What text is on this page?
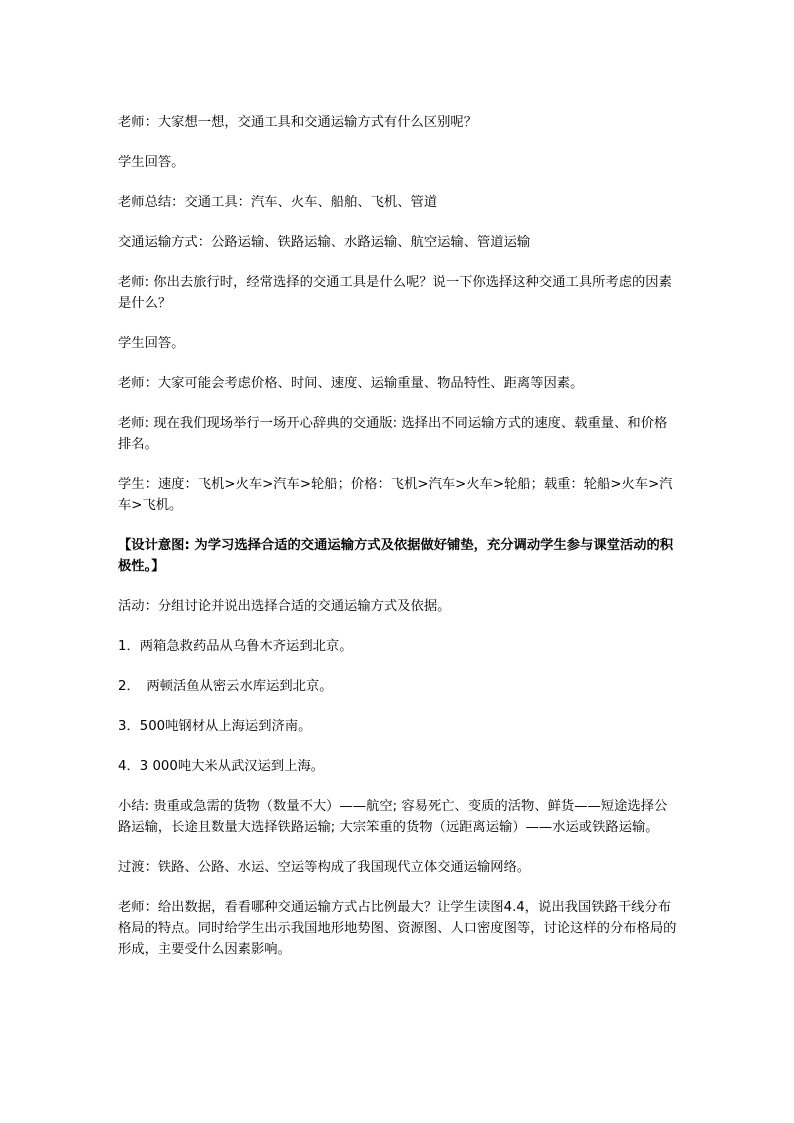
老师：大家想一想，交通工具和交通运输方式有什么区别呢？

学生回答。

老师总结：交通工具：汽车、火车、船舶、飞机、管道

交通运输方式：公路运输、铁路运输、水路运输、航空运输、管道运输

老师: 你出去旅行时，经常选择的交通工具是什么呢？说一下你选择这种交通工具所考虑的因素是什么？

学生回答。

老师：大家可能会考虑价格、时间、速度、运输重量、物品特性、距离等因素。

老师: 现在我们现场举行一场开心辞典的交通版: 选择出不同运输方式的速度、载重量、和价格排名。

学生：速度：飞机>火车>汽车>轮船；价格：飞机>汽车>火车>轮船；载重：轮船>火车>汽车>飞机。

【设计意图: 为学习选择合适的交通运输方式及依据做好铺垫，充分调动学生参与课堂活动的积极性。】

活动：分组讨论并说出选择合适的交通运输方式及依据。

1．两箱急救药品从乌鲁木齐运到北京。

2．　两顿活鱼从密云水库运到北京。

3．500吨钢材从上海运到济南。

4．3 000吨大米从武汉运到上海。

小结: 贵重或急需的货物（数量不大）——航空; 容易死亡、变质的活物、鲜货——短途选择公路运输，长途且数量大选择铁路运输; 大宗笨重的货物（远距离运输）——水运或铁路运输。

过渡：铁路、公路、水运、空运等构成了我国现代立体交通运输网络。

老师：给出数据，看看哪种交通运输方式占比例最大？让学生读图4.4，说出我国铁路干线分布格局的特点。同时给学生出示我国地形地势图、资源图、人口密度图等，讨论这样的分布格局的形成，主要受什么因素影响。
